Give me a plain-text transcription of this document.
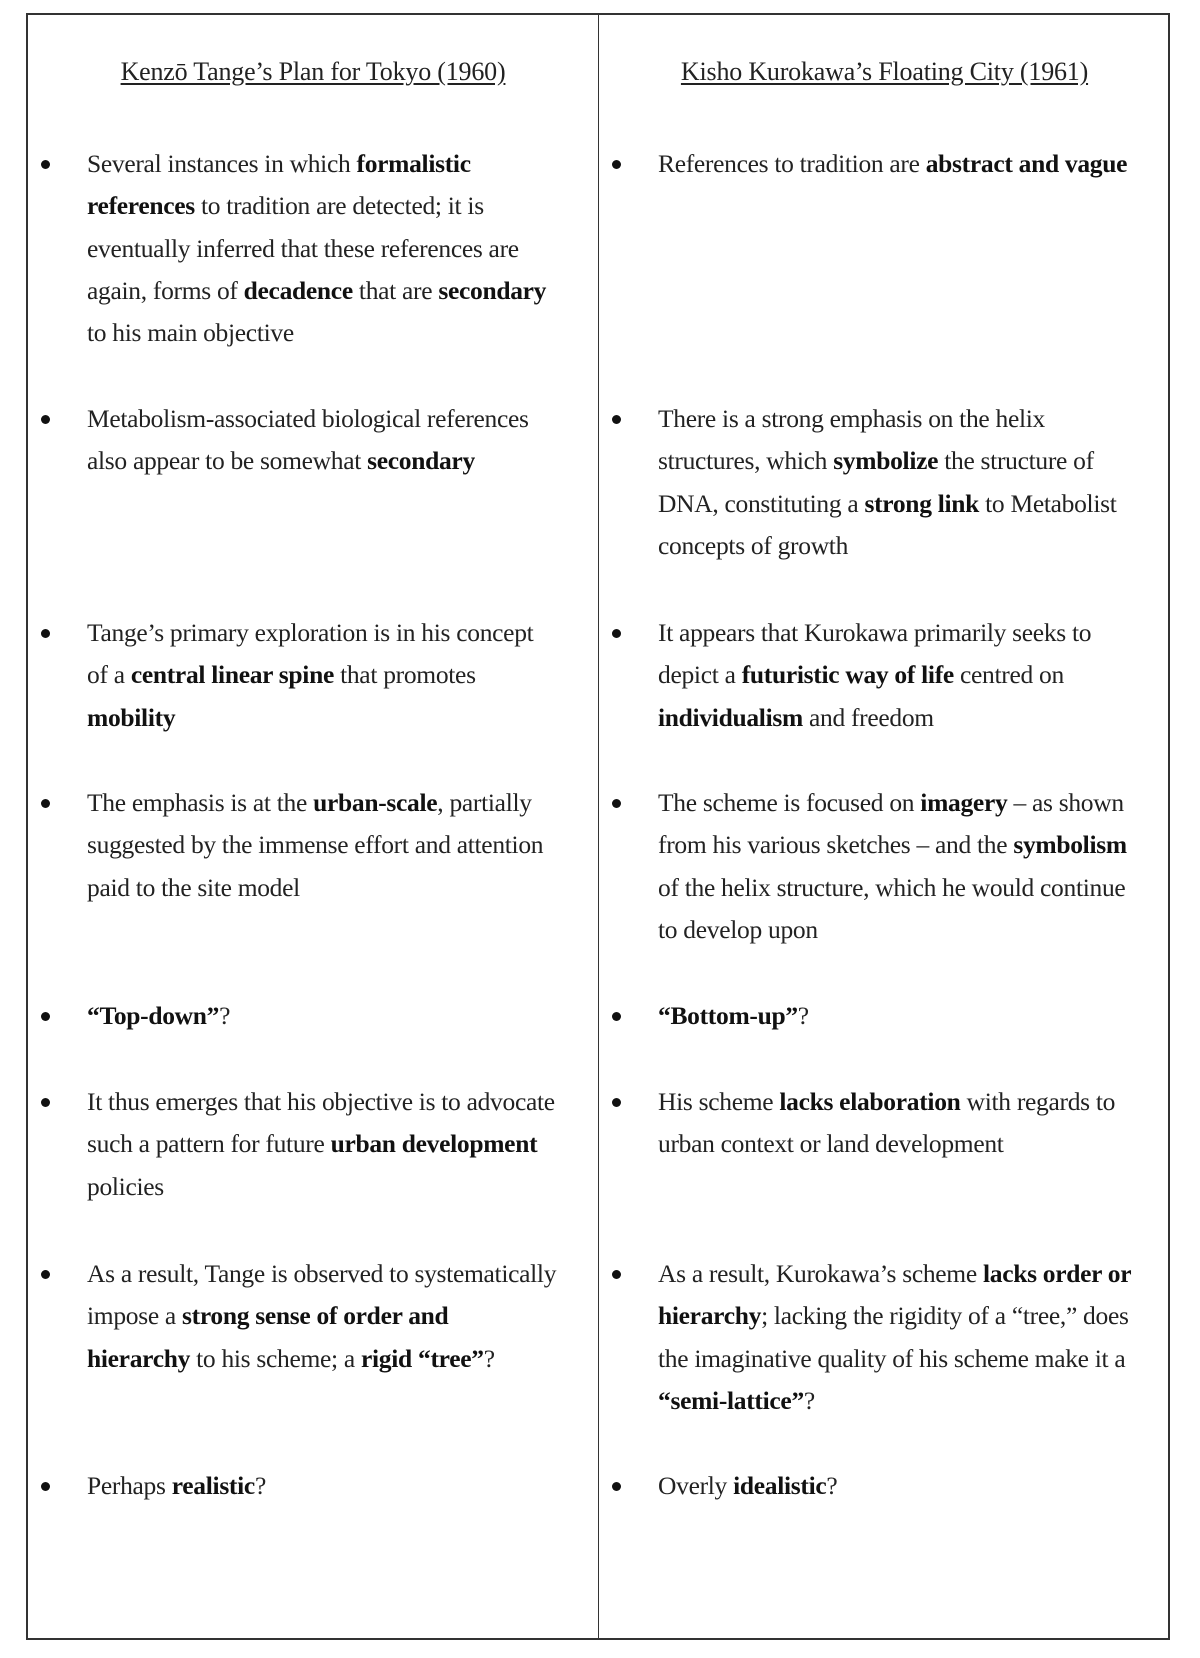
Kenzō Tange’s Plan for Tokyo (1960)
Several instances in which formalistic references to tradition are detected; it is eventually inferred that these references are again, forms of decadence that are secondary to his main objective
Metabolism-associated biological references also appear to be somewhat secondary
Tange’s primary exploration is in his concept of a central linear spine that promotes mobility
The emphasis is at the urban-scale, partially suggested by the immense effort and attention paid to the site model
“Top-down”?
It thus emerges that his objective is to advocate such a pattern for future urban development policies
As a result, Tange is observed to systematically impose a strong sense of order and hierarchy to his scheme; a rigid “tree”?
Perhaps realistic?
Kisho Kurokawa’s Floating City (1961)
References to tradition are abstract and vague
There is a strong emphasis on the helix structures, which symbolize the structure of DNA, constituting a strong link to Metabolist concepts of growth
It appears that Kurokawa primarily seeks to depict a futuristic way of life centred on individualism and freedom
The scheme is focused on imagery – as shown from his various sketches – and the symbolism of the helix structure, which he would continue to develop upon
“Bottom-up”?
His scheme lacks elaboration with regards to urban context or land development
As a result, Kurokawa’s scheme lacks order or hierarchy; lacking the rigidity of a “tree,” does the imaginative quality of his scheme make it a “semi-lattice”?
Overly idealistic?
